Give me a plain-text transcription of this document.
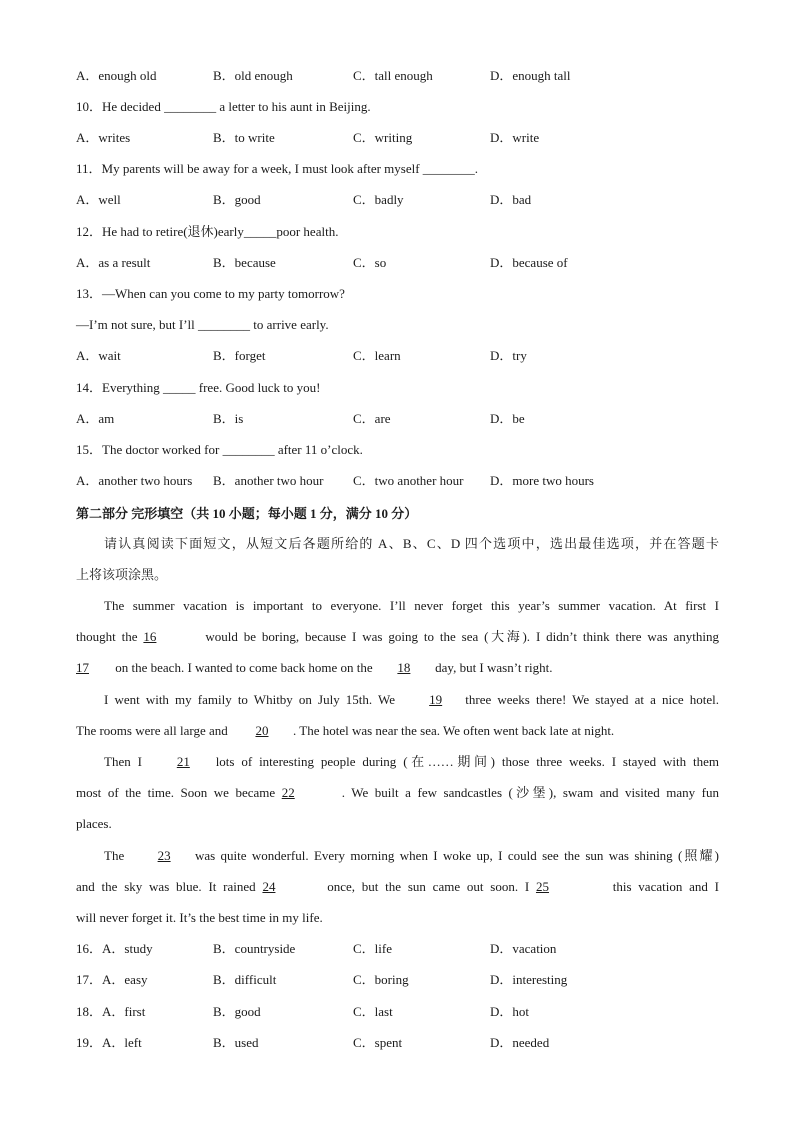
A．enough old	B．old enough	C．tall enough	D．enough tall
10．He decided ________ a letter to his aunt in Beijing.
A．writes	B．to write	C．writing	D．write
11．My parents will be away for a week, I must look after myself ________.
A．well	B．good	C．badly	D．bad
12．He had to retire(退休)early_____poor health.
A．as a result	B．because	C．so	D．because of
13．—When can you come to my party tomorrow?
—I’m not sure, but I’ll ________ to arrive early.
A．wait	B．forget	C．learn	D．try
14．Everything _____ free. Good luck to you!
A．am	B．is	C．are	D．be
15．The doctor worked for ________ after 11 o’clock.
A．another two hours B．another two hour C．two another hour D．more two hours
第二部分 完形填空（共 10 小题；每小题 1 分，满分 10 分）
请认真阅读下面短文，从短文后各题所给的 A、B、C、D 四个选项中，选出最佳选项，并在答题卡
上将该项涂黑。
The summer vacation is important to everyone. I’ll never forget this year’s summer vacation. At first I
thought the 16	would be boring, because I was going to the sea (大海). I didn’t think there was anything
17 on the beach. I wanted to come back home on the 18 day, but I wasn’t right.
I went with my family to Whitby on July 15th. We 19 three weeks there! We stayed at a nice hotel.
The rooms were all large and 20 . The hotel was near the sea. We often went back late at night.
Then I 21 lots of interesting people during (在……期间) those three weeks. I stayed with them
most of the time. Soon we became 22	. We built a few sandcastles (沙堡), swam and visited many fun
places.
The 23 was quite wonderful. Every morning when I woke up, I could see the sun was shining (照耀)
and the sky was blue. It rained 24	once, but the sun came out soon. I 25	this vacation and I
will never forget it. It’s the best time in my life.
16．A．study	B．countryside	C．life	D．vacation
17．A．easy	B．difficult	C．boring	D．interesting
18．A．first	B．good	C．last	D．hot
19．A．left	B．used	C．spent	D．needed
